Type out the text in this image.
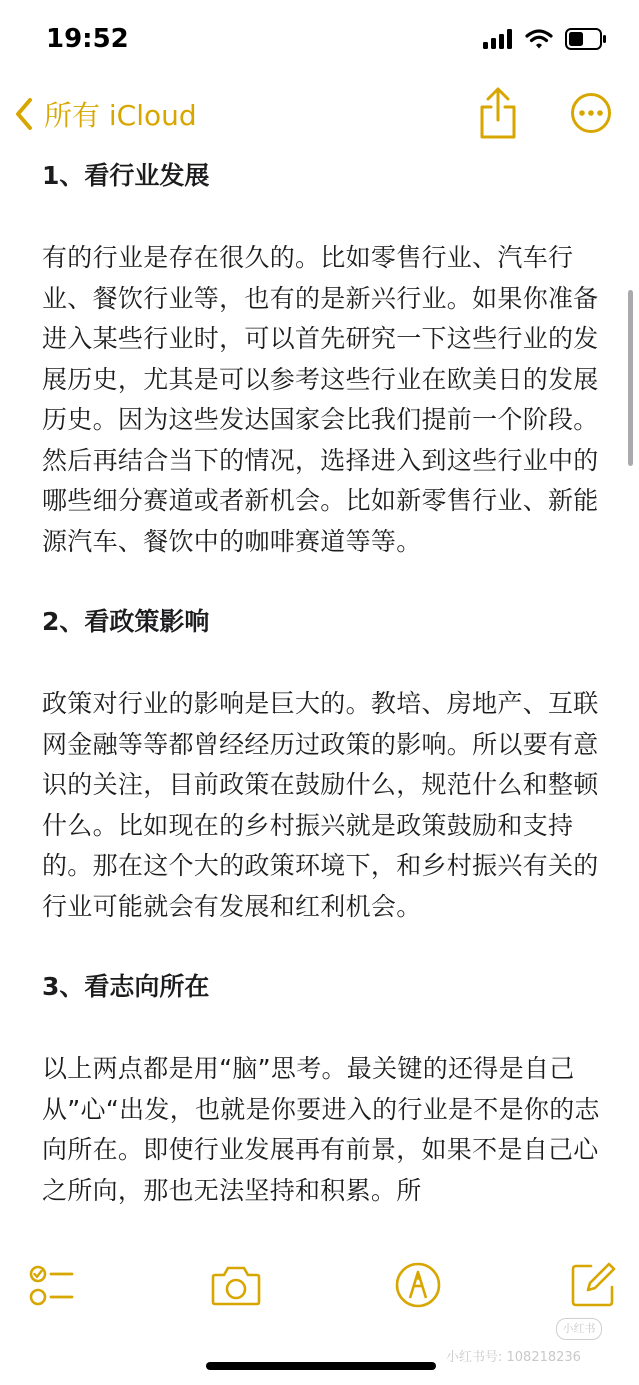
19:52
所有 iCloud
1、看行业发展

有的行业是存在很久的。比如零售行业、汽车行业、餐饮行业等，也有的是新兴行业。如果你准备进入某些行业时，可以首先研究一下这些行业的发展历史，尤其是可以参考这些行业在欧美日的发展历史。因为这些发达国家会比我们提前一个阶段。然后再结合当下的情况，选择进入到这些行业中的哪些细分赛道或者新机会。比如新零售行业、新能源汽车、餐饮中的咖啡赛道等等。

2、看政策影响

政策对行业的影响是巨大的。教培、房地产、互联网金融等等都曾经经历过政策的影响。所以要有意识的关注，目前政策在鼓励什么，规范什么和整顿什么。比如现在的乡村振兴就是政策鼓励和支持的。那在这个大的政策环境下，和乡村振兴有关的行业可能就会有发展和红利机会。

3、看志向所在

以上两点都是用“脑”思考。最关键的还得是自己从”心“出发，也就是你要进入的行业是不是你的志向所在。即使行业发展再有前景，如果不是自己心之所向，那也无法坚持和积累。所

小红书
小红书号: 108218236
